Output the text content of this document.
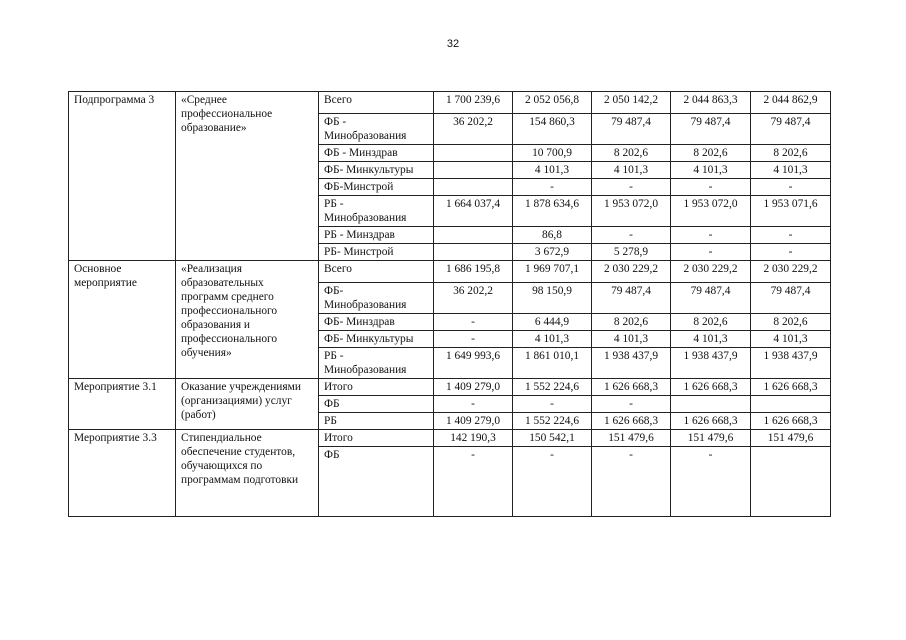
32
Подпрограмма 3	«Среднее профессиональное образование»	Всего	1 700 239,6	2 052 056,8	2 050 142,2	2 044 863,3	2 044 862,9
		ФБ - Минобразования	36 202,2	154 860,3	79 487,4	79 487,4	79 487,4
		ФБ - Минздрав		10 700,9	8 202,6	8 202,6	8 202,6
		ФБ- Минкультуры		4 101,3	4 101,3	4 101,3	4 101,3
		ФБ-Минстрой		-	-	-	-
		РБ - Минобразования	1 664 037,4	1 878 634,6	1 953 072,0	1 953 072,0	1 953 071,6
		РБ - Минздрав		86,8	-	-	-
		РБ- Минстрой		3 672,9	5 278,9	-	-
Основное мероприятие	«Реализация образовательных программ среднего профессионального образования и профессионального обучения»	Всего	1 686 195,8	1 969 707,1	2 030 229,2	2 030 229,2	2 030 229,2
		ФБ- Минобразования	36 202,2	98 150,9	79 487,4	79 487,4	79 487,4
		ФБ- Минздрав	-	6 444,9	8 202,6	8 202,6	8 202,6
		ФБ- Минкультуры	-	4 101,3	4 101,3	4 101,3	4 101,3
		РБ - Минобразования	1 649 993,6	1 861 010,1	1 938 437,9	1 938 437,9	1 938 437,9
Мероприятие 3.1	Оказание учреждениями (организациями) услуг (работ)	Итого	1 409 279,0	1 552 224,6	1 626 668,3	1 626 668,3	1 626 668,3
		ФБ	-	-	-		
		РБ	1 409 279,0	1 552 224,6	1 626 668,3	1 626 668,3	1 626 668,3
Мероприятие 3.3	Стипендиальное обеспечение студентов, обучающихся по программам подготовки	Итого	142 190,3	150 542,1	151 479,6	151 479,6	151 479,6
		ФБ	-	-	-	-	
